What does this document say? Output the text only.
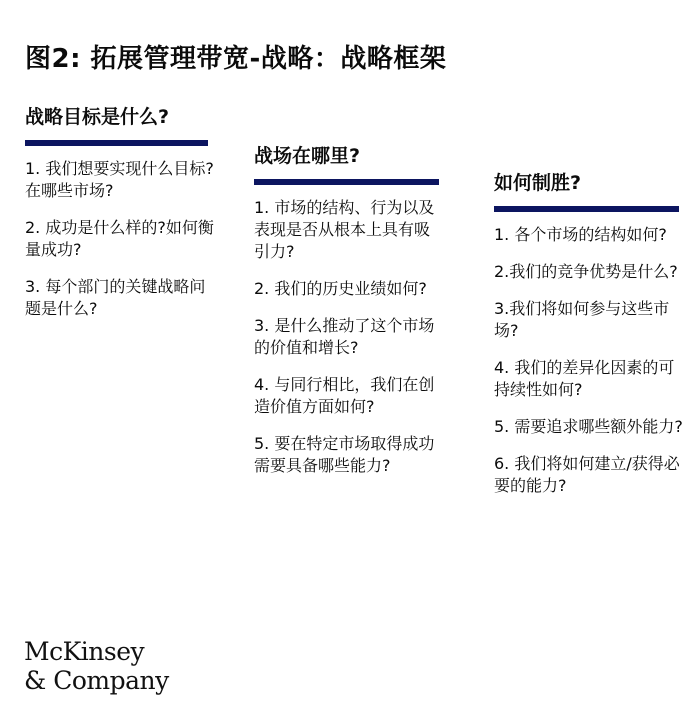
图2: 拓展管理带宽-战略：战略框架
战略目标是什么?
1. 我们想要实现什么目标?在哪些市场?
2. 成功是什么样的?如何衡量成功?
3. 每个部门的关键战略问题是什么?
战场在哪里?
1. 市场的结构、行为以及表现是否从根本上具有吸引力?
2. 我们的历史业绩如何?
3. 是什么推动了这个市场的价值和增长?
4. 与同行相比，我们在创造价值方面如何?
5. 要在特定市场取得成功需要具备哪些能力?
如何制胜?
1. 各个市场的结构如何?
2.我们的竞争优势是什么?
3.我们将如何参与这些市场?
4. 我们的差异化因素的可持续性如何?
5. 需要追求哪些额外能力?
6. 我们将如何建立/获得必要的能力?
McKinsey
& Company
